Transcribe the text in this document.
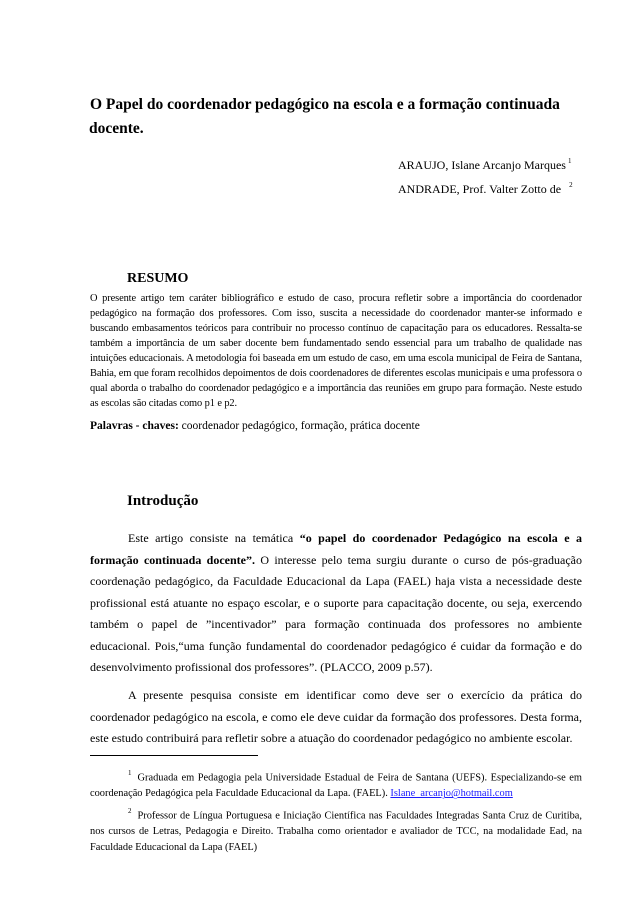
O Papel do coordenador pedagógico na escola e a formação continuada
docente.
ARAUJO, Islane Arcanjo Marques $^1$
ANDRADE, Prof. Valter Zotto de $^2$
RESUMO
O presente artigo tem caráter bibliográfico e estudo de caso, procura refletir sobre a importância do coordenador pedagógico na formação dos professores. Com isso, suscita a necessidade do coordenador manter-se informado e buscando embasamentos teóricos para contribuir no processo contínuo de capacitação para os educadores. Ressalta-se também a importância de um saber docente bem fundamentado sendo essencial para um trabalho de qualidade nas intuições educacionais. A metodologia foi baseada em um estudo de caso, em uma escola municipal de Feira de Santana, Bahia, em que foram recolhidos depoimentos de dois coordenadores de diferentes escolas municipais e uma professora o qual aborda o trabalho do coordenador pedagógico e a importância das reuniões em grupo para formação. Neste estudo as escolas são citadas como p1 e p2.
Palavras - chaves: coordenador pedagógico, formação, prática docente
Introdução
Este artigo consiste na temática “o papel do coordenador Pedagógico na escola e a formação continuada docente”. O interesse pelo tema surgiu durante o curso de pós-graduação coordenação pedagógico, da Faculdade Educacional da Lapa (FAEL) haja vista a necessidade deste profissional está atuante no espaço escolar, e o suporte para capacitação docente, ou seja, exercendo também o papel de ”incentivador” para formação continuada dos professores no ambiente educacional. Pois,“uma função fundamental do coordenador pedagógico é cuidar da formação e do desenvolvimento profissional dos professores”. (PLACCO, 2009 p.57).
A presente pesquisa consiste em identificar como deve ser o exercício da prática do coordenador pedagógico na escola, e como ele deve cuidar da formação dos professores. Desta forma, este estudo contribuirá para refletir sobre a atuação do coordenador pedagógico no ambiente escolar.
$^1$ Graduada em Pedagogia pela Universidade Estadual de Feira de Santana (UEFS). Especializando-se em coordenação Pedagógica pela Faculdade Educacional da Lapa. (FAEL). Islane_arcanjo@hotmail.com
$^2$ Professor de Língua Portuguesa e Iniciação Científica nas Faculdades Integradas Santa Cruz de Curitiba, nos cursos de Letras, Pedagogia e Direito. Trabalha como orientador e avaliador de TCC, na modalidade Ead, na Faculdade Educacional da Lapa (FAEL)
